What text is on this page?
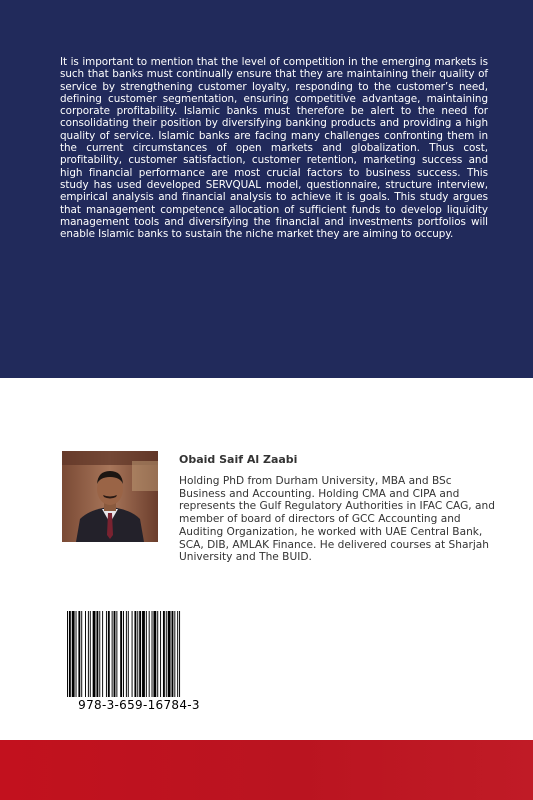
It is important to mention that the level of competition in the emerging markets is such that banks must continually ensure that they are maintaining their quality of service by strengthening customer loyalty, responding to the customer’s need, defining customer segmentation, ensuring competitive advantage, maintaining corporate profitability. Islamic banks must therefore be alert to the need for consolidating their position by diversifying banking products and providing a high quality of service. Islamic banks are facing many challenges confronting them in the current circumstances of open markets and globalization. Thus cost, profitability, customer satisfaction, customer retention, marketing success and high financial performance are most crucial factors to business success. This study has used developed SERVQUAL model, questionnaire, structure interview, empirical analysis and financial analysis to achieve it is goals. This study argues that management competence allocation of sufficient funds to develop liquidity management tools and diversifying the financial and investments portfolios will enable Islamic banks to sustain the niche market they are aiming to occupy.

Obaid Saif Al Zaabi

Holding PhD from Durham University, MBA and BSc Business and Accounting. Holding CMA and CIPA and represents the Gulf Regulatory Authorities in IFAC CAG, and member of board of directors of GCC Accounting and Auditing Organization, he worked with UAE Central Bank, SCA, DIB, AMLAK Finance. He delivered courses at Sharjah University and The BUID.

978-3-659-16784-3
